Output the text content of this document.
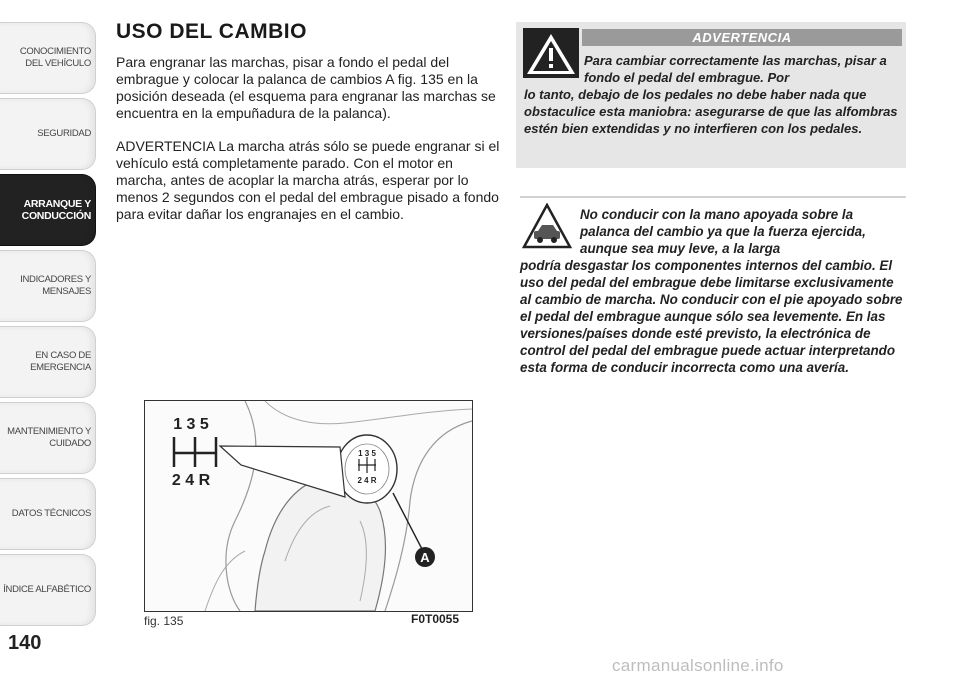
CONOCIMIENTO
DEL VEHÍCULO
SEGURIDAD
ARRANQUE Y
CONDUCCIÓN
INDICADORES Y
MENSAJES
EN CASO DE
EMERGENCIA
MANTENIMIENTO Y
CUIDADO
DATOS TÉCNICOS
ÍNDICE ALFABÉTICO
140
USO DEL CAMBIO
Para engranar las marchas, pisar a fondo el pedal del embrague y colocar la palanca de cambios A fig. 135 en la posición deseada (el esquema para engranar las marchas se encuentra en la empuñadura de la palanca).
ADVERTENCIA La marcha atrás sólo se puede engranar si el vehículo está completamente parado. Con el motor en marcha, antes de acoplar la marcha atrás, esperar por lo menos 2 segundos con el pedal del embrague pisado a fondo para evitar dañar los engranajes en el cambio.
1 3 5
2 4 R
1 3 5
2 4 R
A
fig. 135	F0T0055
ADVERTENCIA
Para cambiar correctamente las marchas, pisar a fondo el pedal del embrague. Por
lo tanto, debajo de los pedales no debe haber nada que obstaculice esta maniobra: asegurarse de que las alfombras estén bien extendidas y no interfieren con los pedales.
No conducir con la mano apoyada sobre la palanca del cambio ya que la fuerza ejercida, aunque sea muy leve, a la larga
podría desgastar los componentes internos del cambio. El uso del pedal del embrague debe limitarse exclusivamente al cambio de marcha. No conducir con el pie apoyado sobre el pedal del embrague aunque sólo sea levemente. En las versiones/países donde esté previsto, la electrónica de control del pedal del embrague puede actuar interpretando esta forma de conducir incorrecta como una avería.
carmanualsonline.info
